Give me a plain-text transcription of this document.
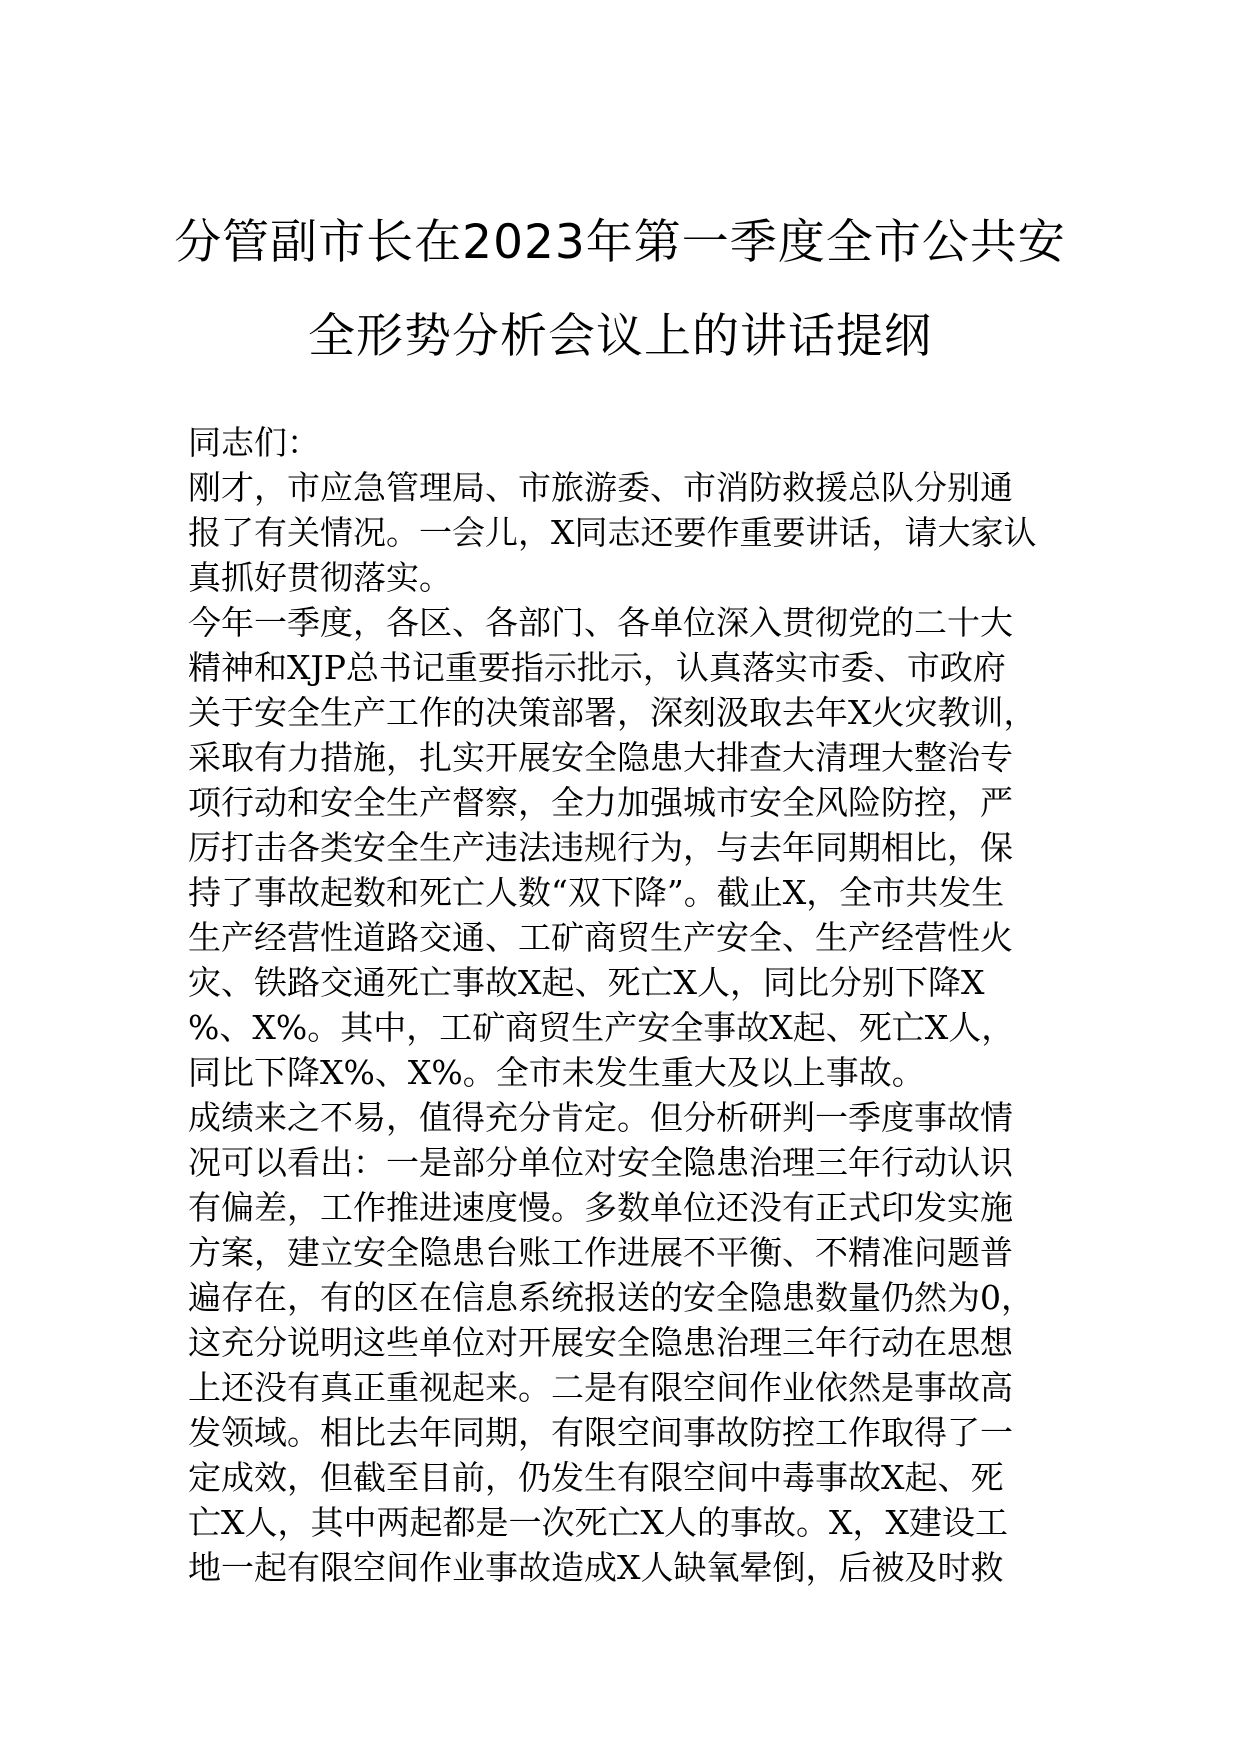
分管副市长在2023年第一季度全市公共安
全形势分析会议上的讲话提纲

同志们：

刚才，市应急管理局、市旅游委、市消防救援总队分别通
报了有关情况。一会儿，X同志还要作重要讲话，请大家认
真抓好贯彻落实。

今年一季度，各区、各部门、各单位深入贯彻党的二十大
精神和XJP总书记重要指示批示，认真落实市委、市政府
关于安全生产工作的决策部署，深刻汲取去年X火灾教训，
采取有力措施，扎实开展安全隐患大排查大清理大整治专
项行动和安全生产督察，全力加强城市安全风险防控，严
厉打击各类安全生产违法违规行为，与去年同期相比，保
持了事故起数和死亡人数“双下降”。截止X，全市共发生
生产经营性道路交通、工矿商贸生产安全、生产经营性火
灾、铁路交通死亡事故X起、死亡X人，同比分别下降X
%、X%。其中，工矿商贸生产安全事故X起、死亡X人，
同比下降X%、X%。全市未发生重大及以上事故。

成绩来之不易，值得充分肯定。但分析研判一季度事故情
况可以看出：一是部分单位对安全隐患治理三年行动认识
有偏差，工作推进速度慢。多数单位还没有正式印发实施
方案，建立安全隐患台账工作进展不平衡、不精准问题普
遍存在，有的区在信息系统报送的安全隐患数量仍然为0，
这充分说明这些单位对开展安全隐患治理三年行动在思想
上还没有真正重视起来。二是有限空间作业依然是事故高
发领域。相比去年同期，有限空间事故防控工作取得了一
定成效，但截至目前，仍发生有限空间中毒事故X起、死
亡X人，其中两起都是一次死亡X人的事故。X，X建设工
地一起有限空间作业事故造成X人缺氧晕倒，后被及时救
